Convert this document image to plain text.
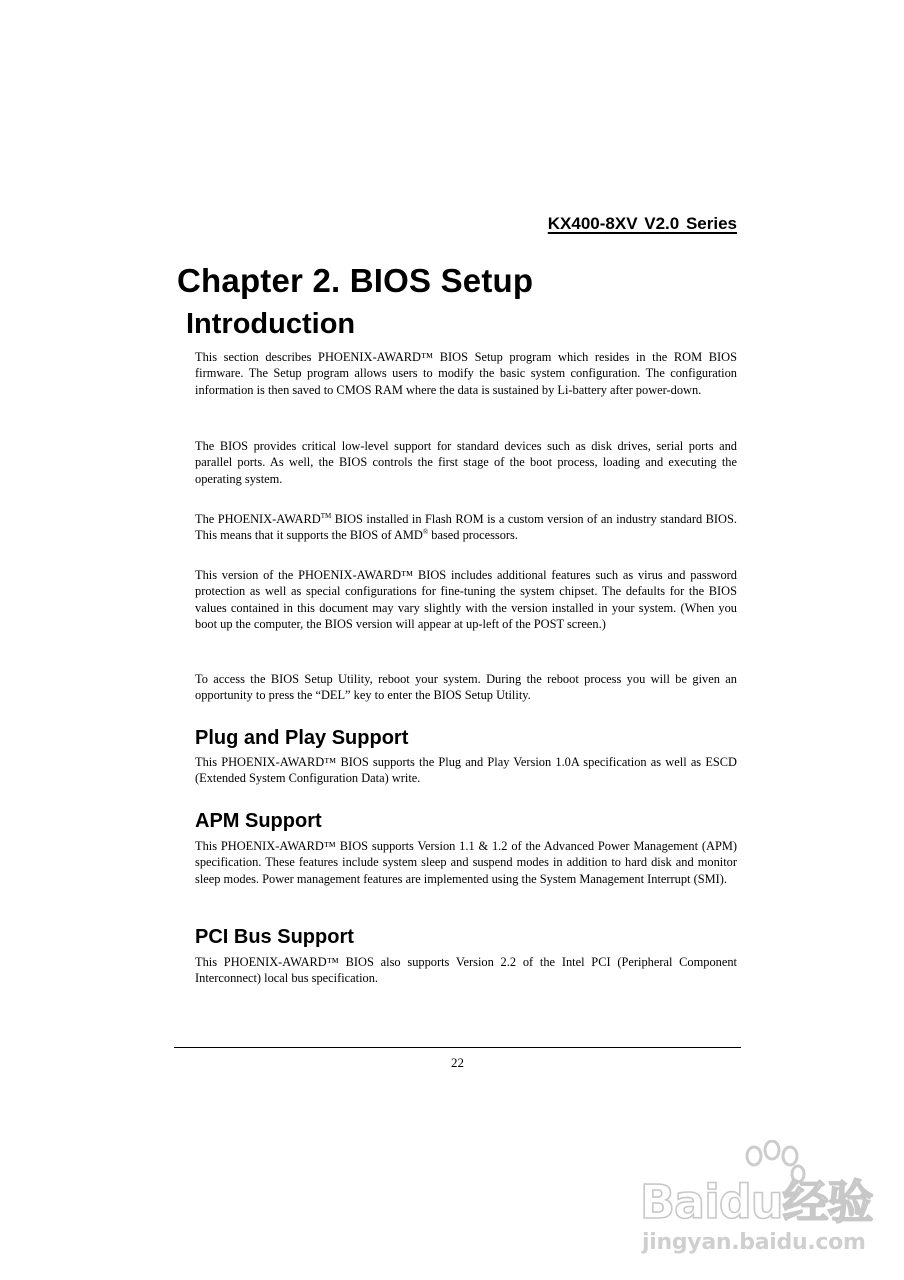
KX400-8XV V2.0 Series

Chapter 2. BIOS Setup
Introduction

This section describes PHOENIX-AWARD™ BIOS Setup program which resides in the ROM BIOS firmware. The Setup program allows users to modify the basic system configuration. The configuration information is then saved to CMOS RAM where the data is sustained by Li-battery after power-down.

The BIOS provides critical low-level support for standard devices such as disk drives, serial ports and parallel ports. As well, the BIOS controls the first stage of the boot process, loading and executing the operating system.

The PHOENIX-AWARD™ BIOS installed in Flash ROM is a custom version of an industry standard BIOS. This means that it supports the BIOS of AMD® based processors.

This version of the PHOENIX-AWARD™ BIOS includes additional features such as virus and password protection as well as special configurations for fine-tuning the system chipset. The defaults for the BIOS values contained in this document may vary slightly with the version installed in your system. (When you boot up the computer, the BIOS version will appear at up-left of the POST screen.)

To access the BIOS Setup Utility, reboot your system. During the reboot process you will be given an opportunity to press the “DEL” key to enter the BIOS Setup Utility.

Plug and Play Support

This PHOENIX-AWARD™ BIOS supports the Plug and Play Version 1.0A specification as well as ESCD (Extended System Configuration Data) write.

APM Support

This PHOENIX-AWARD™ BIOS supports Version 1.1 & 1.2 of the Advanced Power Management (APM) specification. These features include system sleep and suspend modes in addition to hard disk and monitor sleep modes. Power management features are implemented using the System Management Interrupt (SMI).

PCI Bus Support

This PHOENIX-AWARD™ BIOS also supports Version 2.2 of the Intel PCI (Peripheral Component Interconnect) local bus specification.

22

Baidu经验
jingyan.baidu.com
